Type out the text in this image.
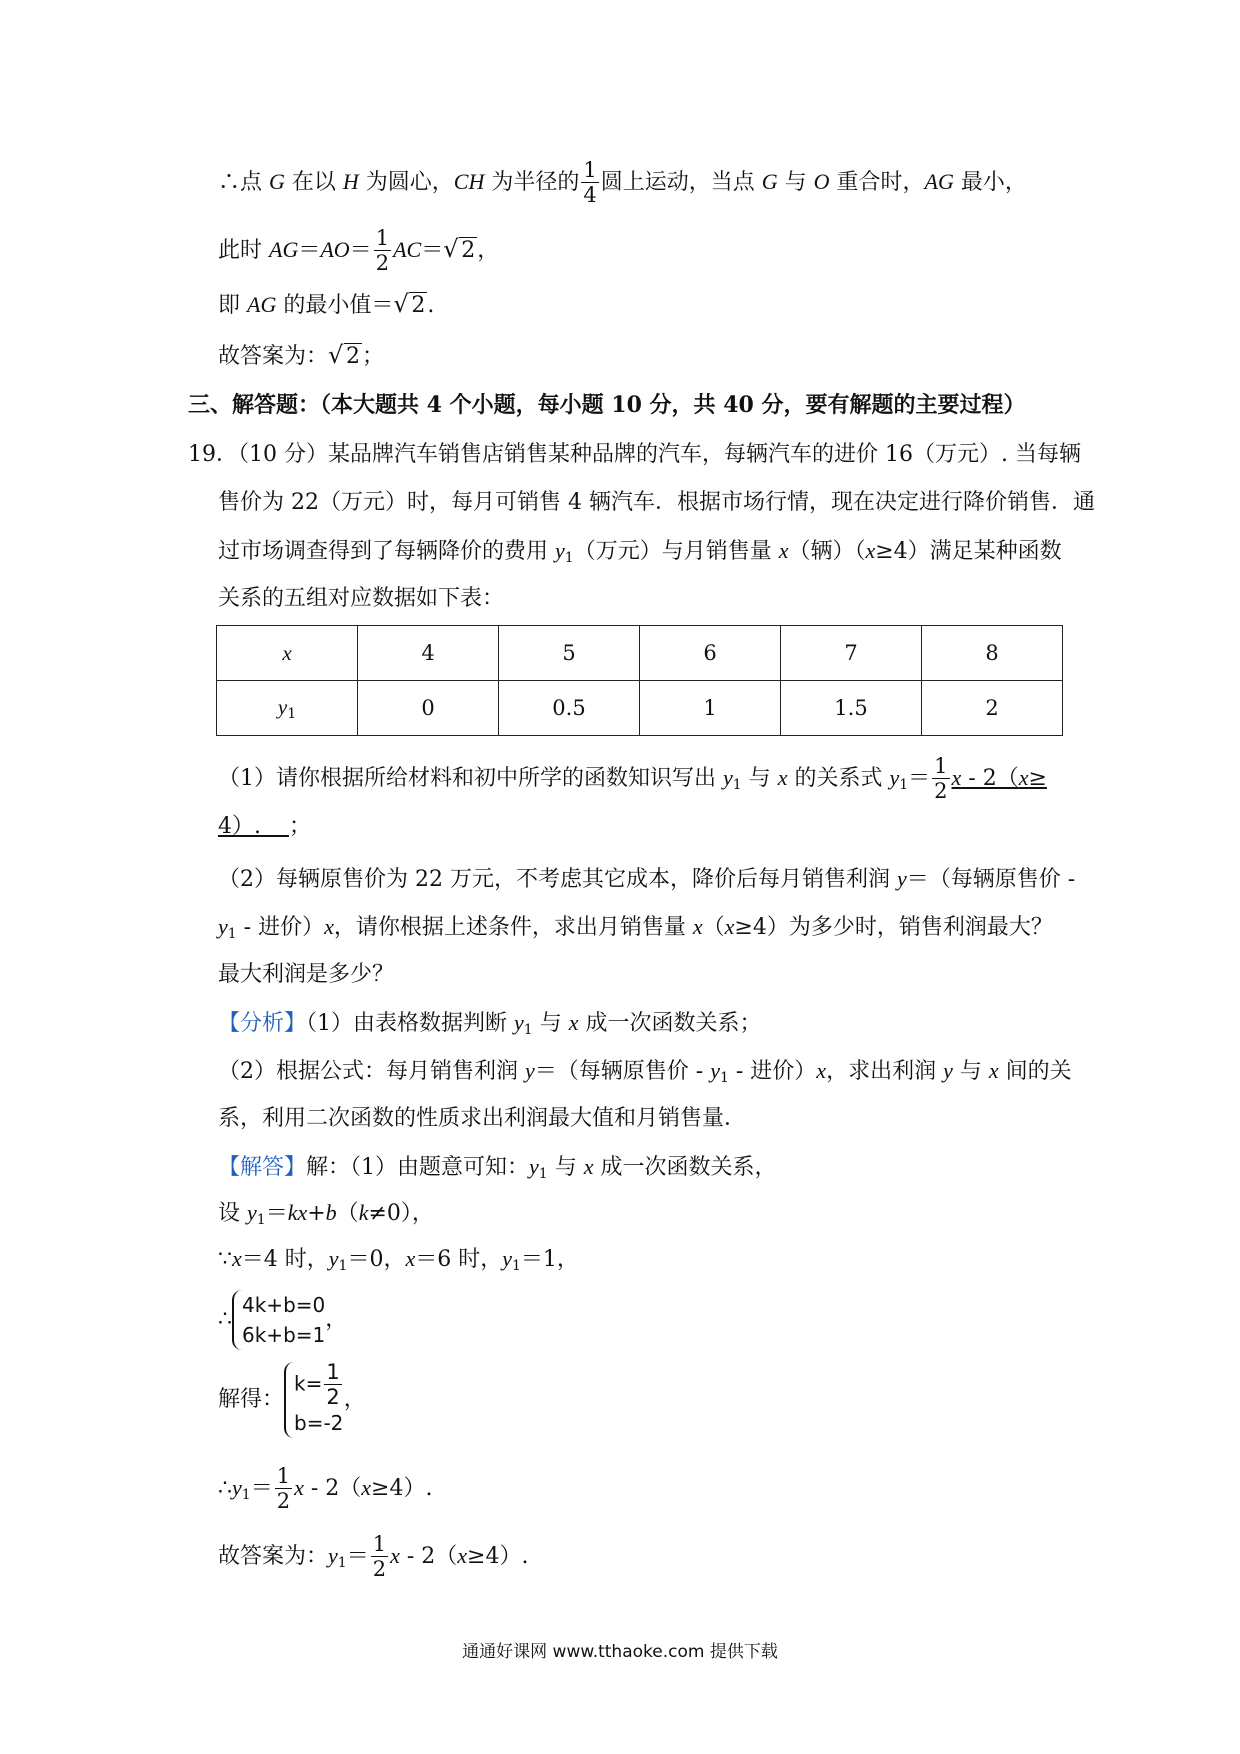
∴点 G 在以 H 为圆心，CH 为半径的 $\frac{1}{4}$ 圆上运动，当点 G 与 O 重合时，AG 最小，
此时 $AG=AO= \frac{1}{2} AC=$ √ 2，
即 AG 的最小值＝ √ 2.
故答案为： √ 2；
三、解答题：（本大题共 4 个小题，每小题 10 分，共 40 分，要有解题的主要过程）
19．（10 分）某品牌汽车销售店销售某种品牌的汽车，每辆汽车的进价 16（万元）. 当每辆
售价为 22（万元）时，每月可销售 4 辆汽车．根据市场行情，现在决定进行降价销售．通
过市场调查得到了每辆降价的费用 $y_1$（万元）与月销售量 x（辆）（x≥4）满足某种函数
关系的五组对应数据如下表：
x	4	5	6	7	8
$y_1$	0	0.5	1	1.5	2
（1）请你根据所给材料和初中所学的函数知识写出 $y_1$ 与 x 的关系式 $y_1= \frac{1}{2}$ x - 2（x≥
4）. ；
（2）每辆原售价为 22 万元，不考虑其它成本，降价后每月销售利润 y＝（每辆原售价 -
$y_1$ - 进价）x，请你根据上述条件，求出月销售量 x（x≥4）为多少时，销售利润最大？
最大利润是多少？
【分析】（1）由表格数据判断 $y_1$ 与 x 成一次函数关系；
（2）根据公式：每月销售利润 y＝（每辆原售价 - $y_1$ - 进价）x，求出利润 y 与 x 间的关
系，利用二次函数的性质求出利润最大值和月销售量．
【解答】解：（1）由题意可知：$y_1$ 与 x 成一次函数关系，
设 $y_1=kx+b(k\ne 0)$，
∵x＝4 时，$y_1=0$，x＝6 时，$y_1=1$，
∴
4k+b=0
6k+b=1
，
解得：
$k= \frac{1}{2}$
b=-2
，
$\therefore y_1= \frac{1}{2}$ x - 2（x≥4）.
故答案为：$y_1= \frac{1}{2}$ x - 2（x≥4）.
通通好课网 www.tthaoke.com 提供下载
